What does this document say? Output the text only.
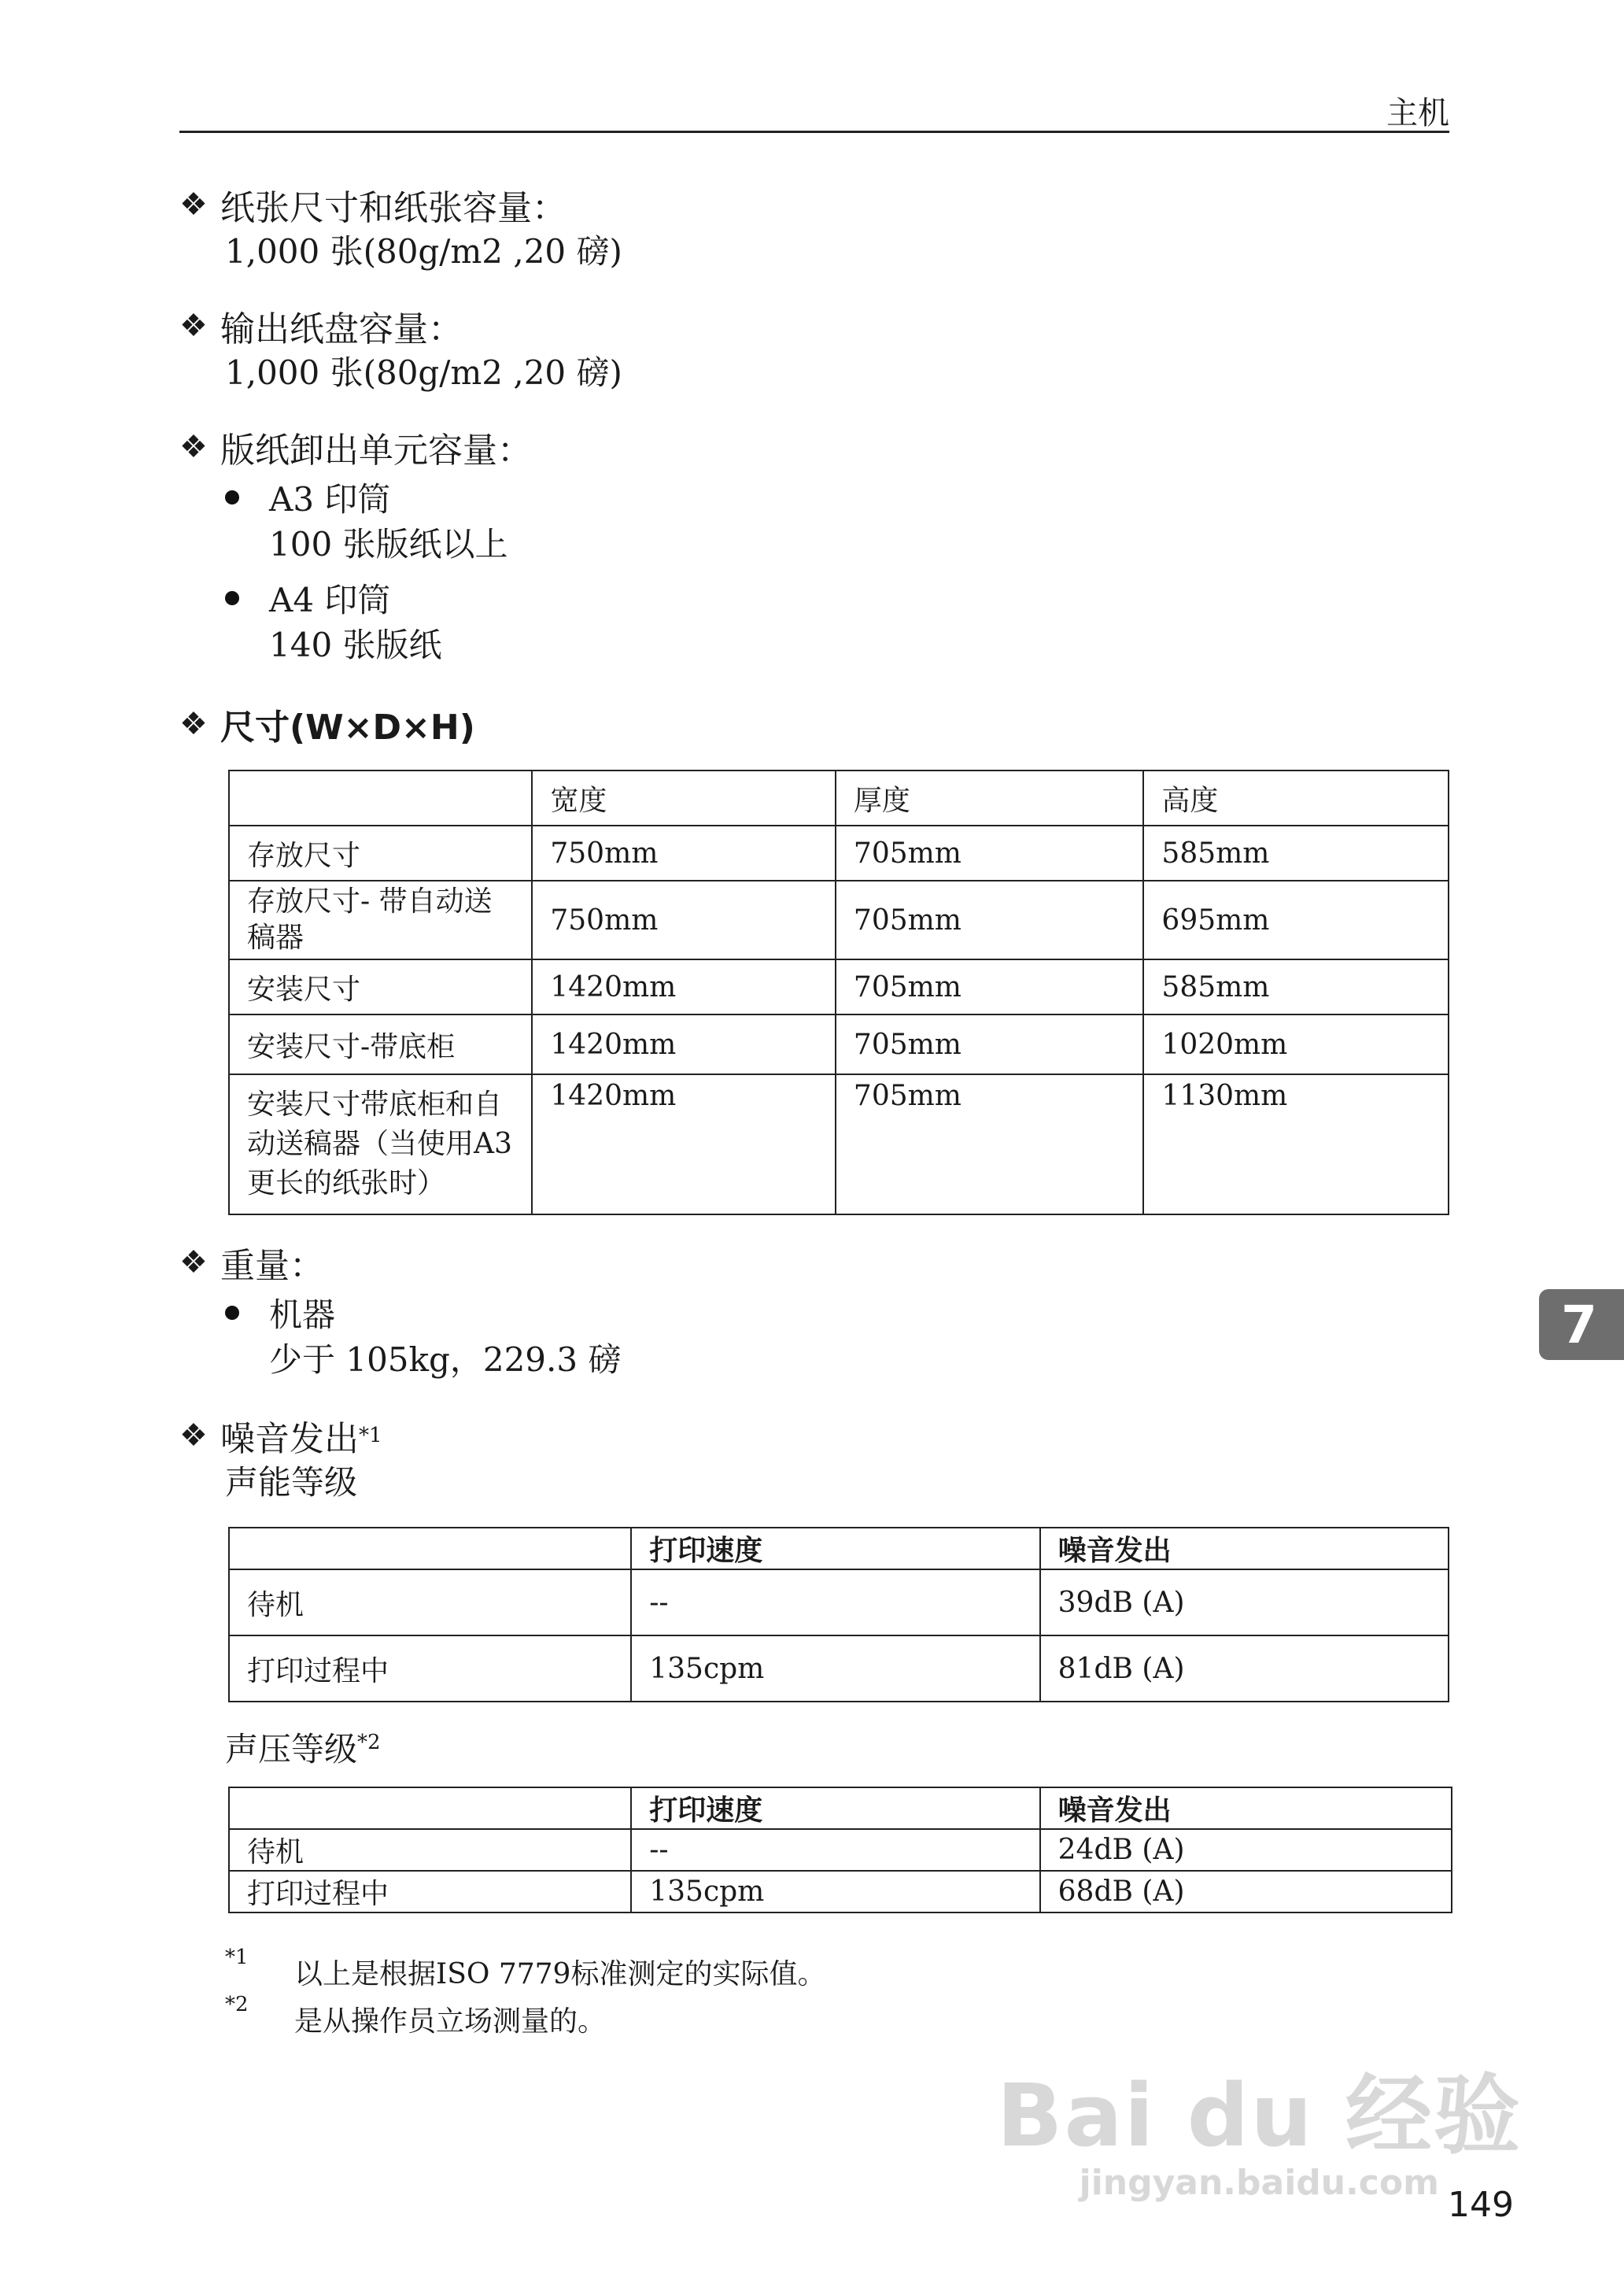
主机
❖ 纸张尺寸和纸张容量：
1,000 张(80g/m2 ,20 磅)
❖ 输出纸盘容量：
1,000 张(80g/m2 ,20 磅)
❖ 版纸卸出单元容量：
A3 印筒
100 张版纸以上
A4 印筒
140 张版纸
❖ 尺寸(W×D×H)
	宽度	厚度	高度
存放尺寸	750mm	705mm	585mm
存放尺寸- 带自动送稿器	750mm	705mm	695mm
安装尺寸	1420mm	705mm	585mm
安装尺寸-带底柜	1420mm	705mm	1020mm
安装尺寸带底柜和自动送稿器（当使用A3 更长的纸张时）	1420mm	705mm	1130mm
❖ 重量：
机器
少于 105kg，229.3 磅
❖ 噪音发出 *1
声能等级
	打印速度	噪音发出
待机	--	39dB (A)
打印过程中	135cpm	81dB (A)
声压等级$^{*2}$
	打印速度	噪音发出
待机	--	24dB (A)
打印过程中	135cpm	68dB (A)
*1
以上是根据ISO 7779标准测定的实际值。
*2
是从操作员立场测量的。
7
Bai du 经验
jingyan.baidu.com
149
